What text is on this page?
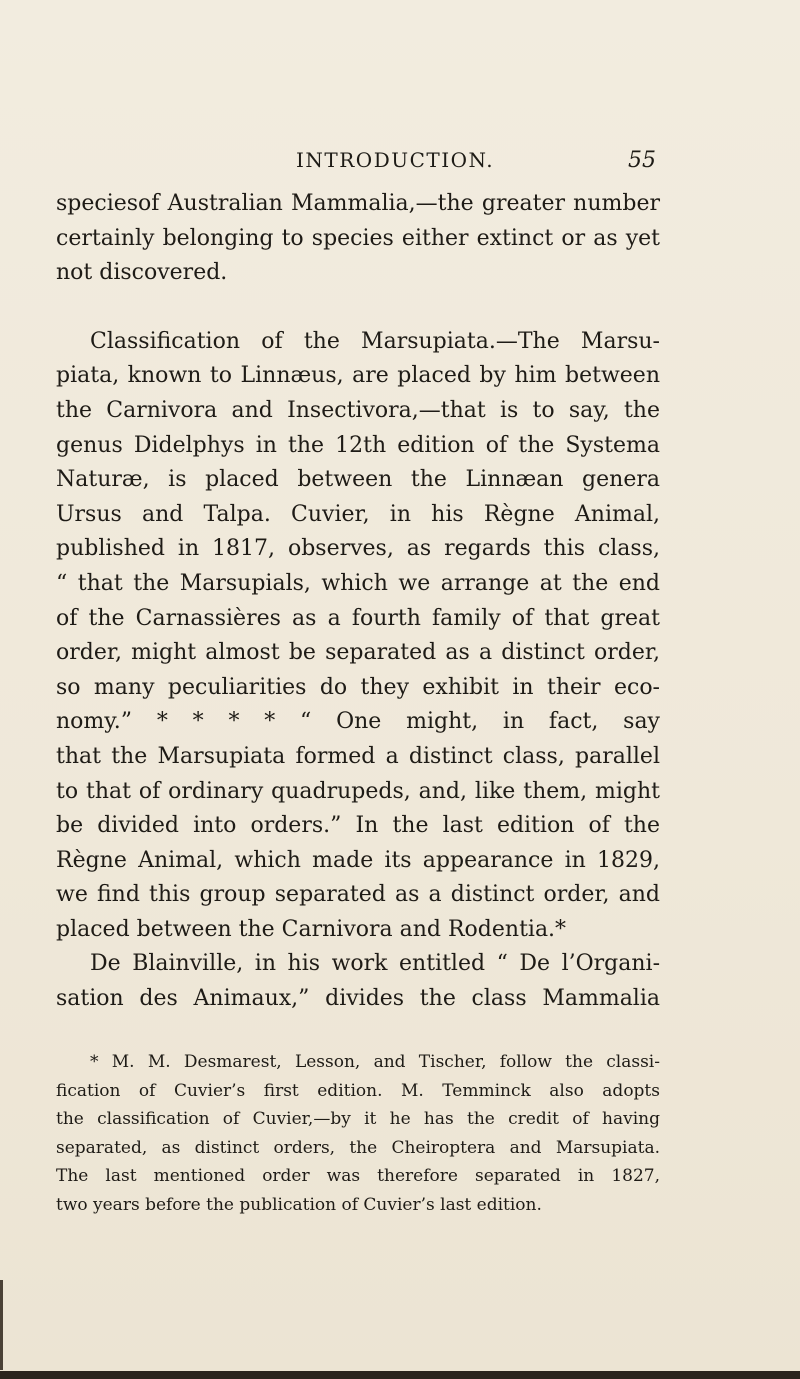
INTRODUCTION.	55
speciesof Australian Mammalia,—the greater number
certainly belonging to species either extinct or as yet
not discovered.
Classification of the Marsupiata.—The Marsu-
piata, known to Linnæus, are placed by him between
the Carnivora and Insectivora,—that is to say, the
genus Didelphys in the 12th edition of the Systema
Naturæ, is placed between the Linnæan genera
Ursus and Talpa. Cuvier, in his Règne Animal,
published in 1817, observes, as regards this class,
“ that the Marsupials, which we arrange at the end
of the Carnassières as a fourth family of that great
order, might almost be separated as a distinct order,
so many peculiarities do they exhibit in their eco-
nomy.” * * * * “ One might, in fact, say
that the Marsupiata formed a distinct class, parallel
to that of ordinary quadrupeds, and, like them, might
be divided into orders.” In the last edition of the
Règne Animal, which made its appearance in 1829,
we find this group separated as a distinct order, and
placed between the Carnivora and Rodentia.*
De Blainville, in his work entitled “ De l’Organi-
sation des Animaux,” divides the class Mammalia
* M. M. Desmarest, Lesson, and Tischer, follow the classi-
fication of Cuvier’s first edition. M. Temminck also adopts
the classification of Cuvier,—by it he has the credit of having
separated, as distinct orders, the Cheiroptera and Marsupiata.
The last mentioned order was therefore separated in 1827,
two years before the publication of Cuvier’s last edition.
